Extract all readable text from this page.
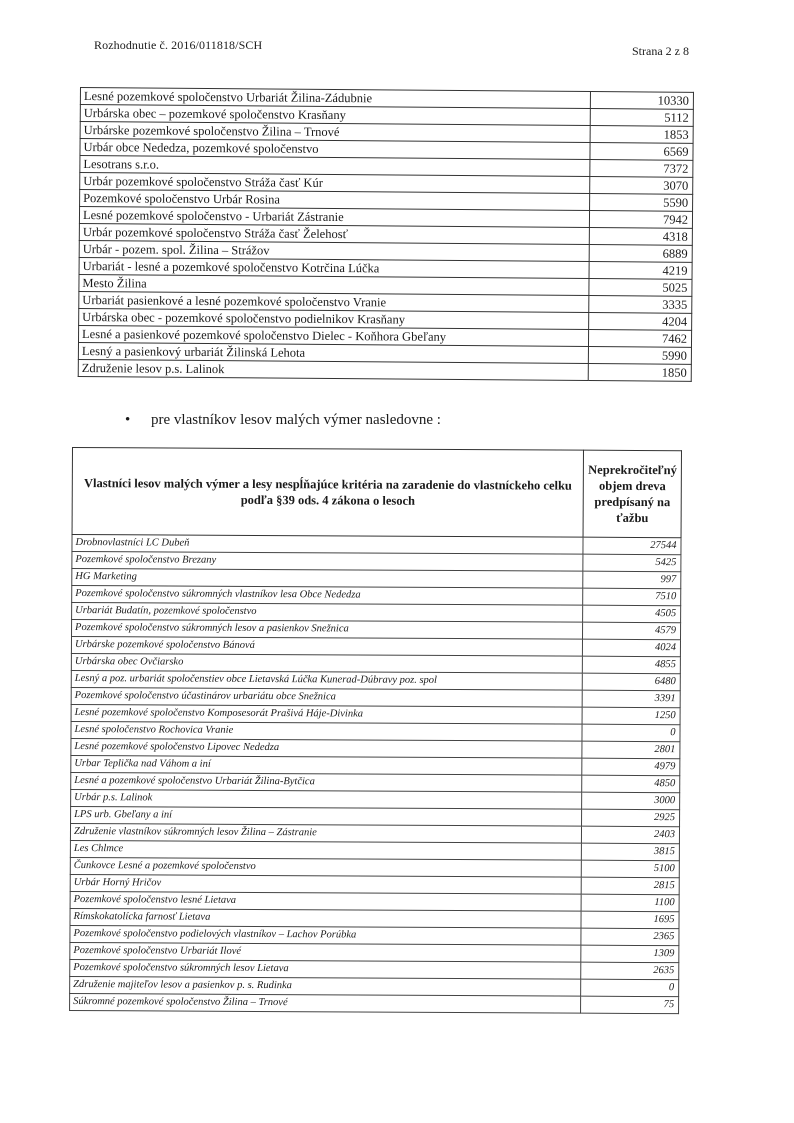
Rozhodnutie č. 2016/011818/SCH	Strana 2 z 8
Lesné pozemkové spoločenstvo Urbariát Žilina-Zádubnie	10330
Urbárska obec – pozemkové spoločenstvo Krasňany	5112
Urbárske pozemkové spoločenstvo Žilina – Trnové	1853
Urbár obce Nededza, pozemkové spoločenstvo	6569
Lesotrans s.r.o.	7372
Urbár pozemkové spoločenstvo Stráža časť Kúr	3070
Pozemkové spoločenstvo Urbár Rosina	5590
Lesné pozemkové spoločenstvo - Urbariát Zástranie	7942
Urbár pozemkové spoločenstvo Stráža časť Želehosť	4318
Urbár - pozem. spol. Žilina – Strážov	6889
Urbariát - lesné a pozemkové spoločenstvo Kotrčina Lúčka	4219
Mesto Žilina	5025
Urbariát pasienkové a lesné pozemkové spoločenstvo Vranie	3335
Urbárska obec - pozemkové spoločenstvo podielnikov Krasňany	4204
Lesné a pasienkové pozemkové spoločenstvo Dielec - Koňhora Gbeľany	7462
Lesný a pasienkový urbariát Žilinská Lehota	5990
Združenie lesov p.s. Lalinok	1850
• pre vlastníkov lesov malých výmer nasledovne :
Vlastníci lesov malých výmer a lesy nespĺňajúce kritéria na zaradenie do vlastníckeho celku podľa §39 ods. 4 zákona o lesoch	Neprekročiteľný objem dreva predpísaný na ťažbu
Drobnovlastníci LC Dubeň	27544
Pozemkové spoločenstvo Brezany	5425
HG Marketing	997
Pozemkové spoločenstvo súkromných vlastníkov lesa Obce Nededza	7510
Urbariát Budatín, pozemkové spoločenstvo	4505
Pozemkové spoločenstvo súkromných lesov a pasienkov Snežnica	4579
Urbárske pozemkové spoločenstvo Bánová	4024
Urbárska obec Ovčiarsko	4855
Lesný a poz. urbariát spoločenstiev obce Lietavská Lúčka Kunerad-Dúbravy poz. spol	6480
Pozemkové spoločenstvo účastinárov urbariátu obce Snežnica	3391
Lesné pozemkové spoločenstvo Komposesorát Prašivá Háje-Divinka	1250
Lesné spoločenstvo Rochovica Vranie	0
Lesné pozemkové spoločenstvo Lipovec Nededza	2801
Urbar Teplička nad Váhom a iní	4979
Lesné a pozemkové spoločenstvo Urbariát Žilina-Bytčica	4850
Urbár p.s. Lalinok	3000
LPS urb. Gbeľany a iní	2925
Združenie vlastníkov súkromných lesov Žilina – Zástranie	2403
Les Chlmce	3815
Čunkovce Lesné a pozemkové spoločenstvo	5100
Urbár Horný Hričov	2815
Pozemkové spoločenstvo lesné Lietava	1100
Rímskokatolícka farnosť Lietava	1695
Pozemkové spoločenstvo podielových vlastníkov – Lachov Porúbka	2365
Pozemkové spoločenstvo Urbariát Ilové	1309
Pozemkové spoločenstvo súkromných lesov Lietava	2635
Združenie majiteľov lesov a pasienkov p. s. Rudinka	0
Súkromné pozemkové spoločenstvo Žilina – Trnové	75
